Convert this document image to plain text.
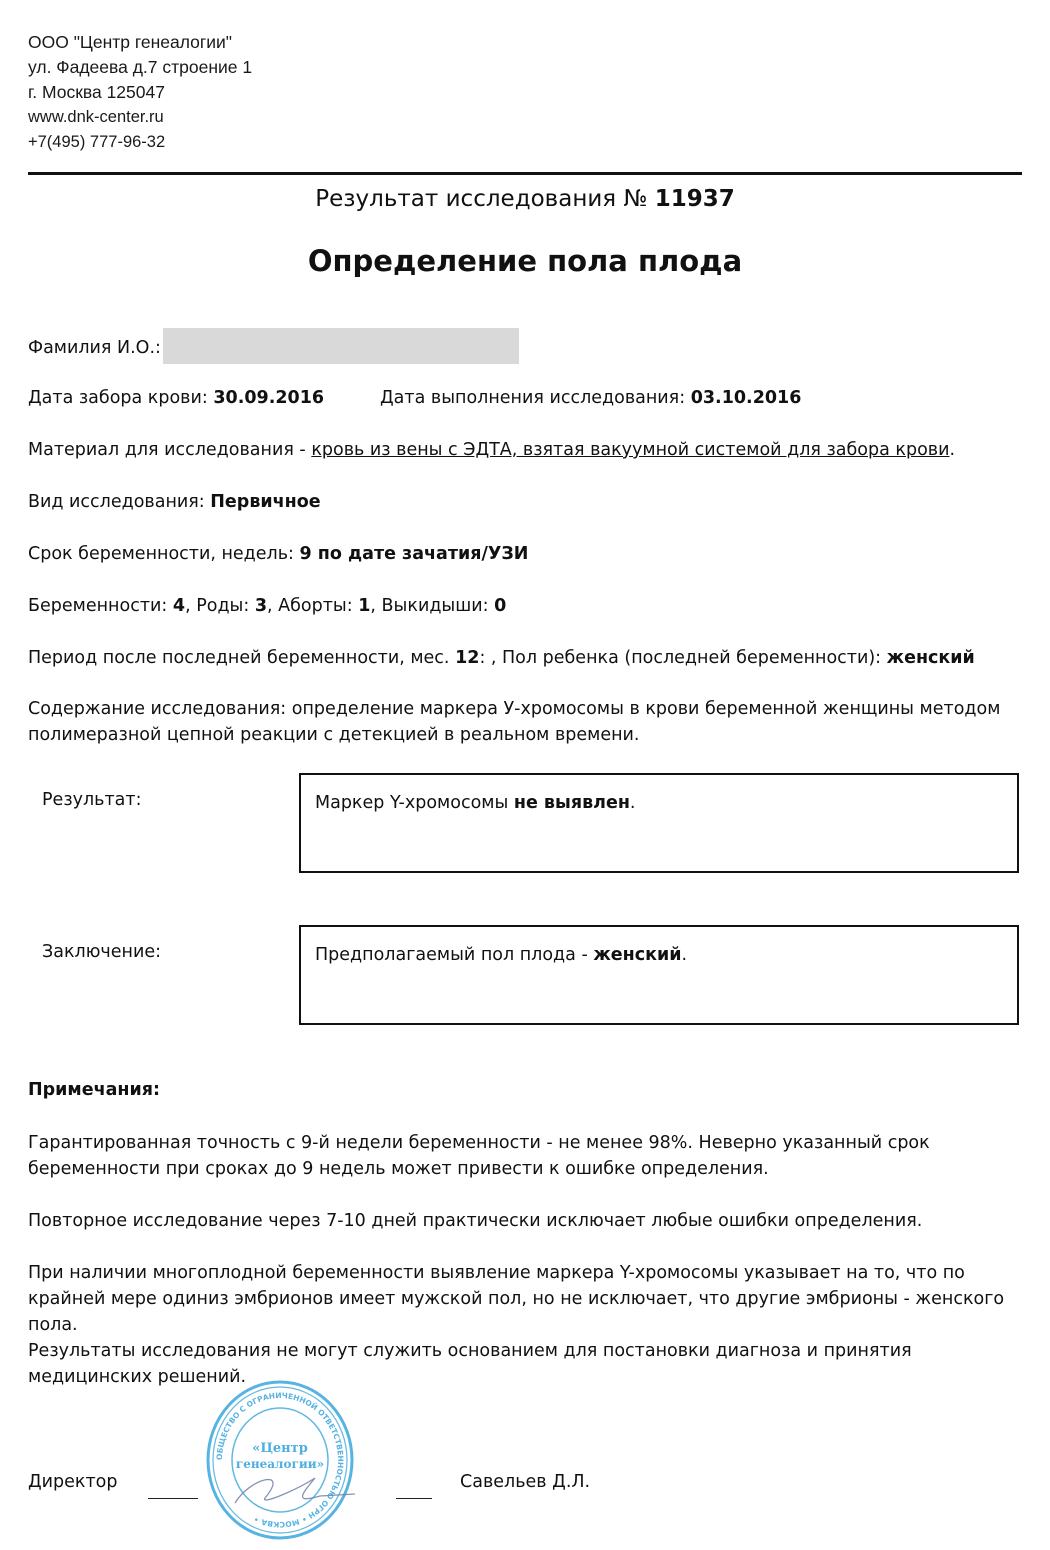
ООО "Центр генеалогии"
ул. Фадеева д.7 строение 1
г. Москва 125047
www.dnk-center.ru
+7(495) 777-96-32
Результат исследования № 11937
Определение пола плода
Фамилия И.О.:
Дата забора крови: 30.09.2016	Дата выполнения исследования: 03.10.2016
Материал для исследования - кровь из вены с ЭДТА, взятая вакуумной системой для забора крови.
Вид исследования: Первичное
Срок беременности, недель: 9 по дате зачатия/УЗИ
Беременности: 4, Роды: 3, Аборты: 1, Выкидыши: 0
Период после последней беременности, мес. 12: , Пол ребенка (последней беременности): женский
Содержание исследования: определение маркера У-хромосомы в крови беременной женщины методом полимеразной цепной реакции с детекцией в реальном времени.
Результат:	Маркер Y-хромосомы не выявлен.
Заключение:	Предполагаемый пол плода - женский.
Примечания:
Гарантированная точность с 9-й недели беременности - не менее 98%. Неверно указанный срок беременности при сроках до 9 недель может привести к ошибке определения.
Повторное исследование через 7-10 дней практически исключает любые ошибки определения.
При наличии многоплодной беременности выявление маркера Y-хромосомы указывает на то, что по крайней мере одиниз эмбрионов имеет мужской пол, но не исключает, что другие эмбрионы - женского пола.
Результаты исследования не могут служить основанием для постановки диагноза и принятия медицинских решений.
Директор	Савельев Д.Л.
ОБЩЕСТВО С ОГРАНИЧЕННОЙ ОТВЕТСТВЕННОСТЬЮ ОГРН • МОСКВА •
«Центр
генеалогии»
